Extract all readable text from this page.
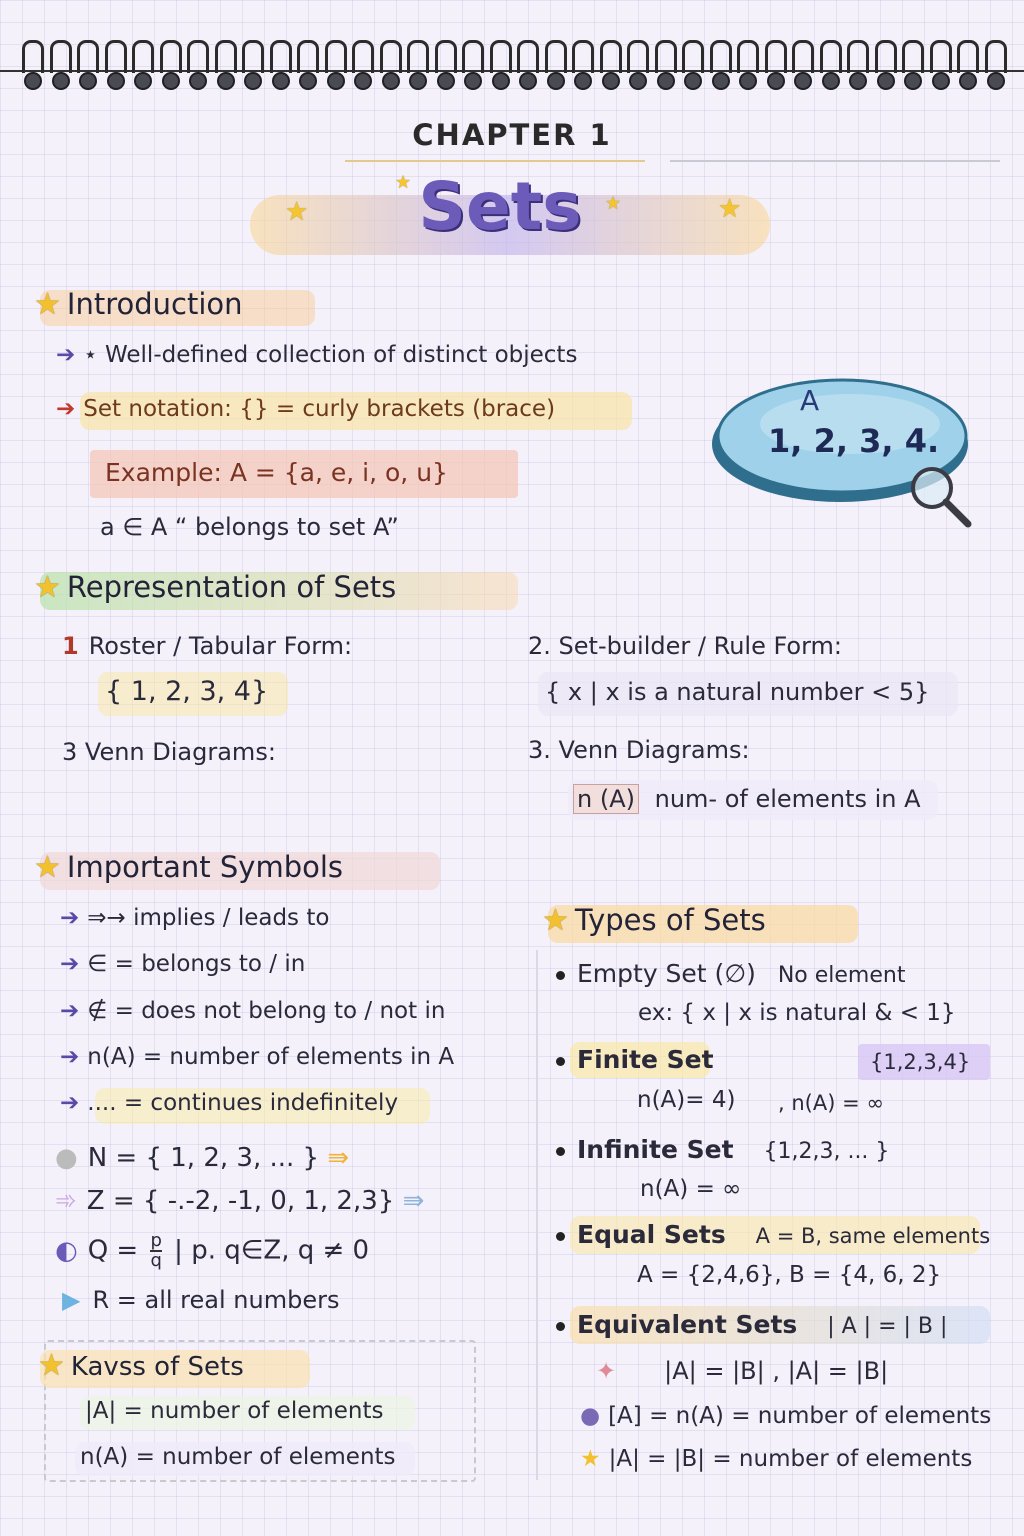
CHAPTER 1
Sets
★
★
★	★
★ Introduction
➔ ⋆ Well-defined collection of distinct objects
➔ Set notation: {} = curly brackets (brace)
Example: A = {a, e, i, o, u}
a ∈ A “ belongs to set A”
A
1, 2, 3, 4.
★ Representation of Sets
1 Roster / Tabular Form:
{ 1, 2, 3, 4}
3 Venn Diagrams:
2. Set-builder / Rule Form:
{ x | x is a natural number < 5}
3. Venn Diagrams:
n (A) num- of elements in A
★ Important Symbols
➔ ⇒→ implies / leads to
➔ ∈ = belongs to / in
➔ ∉ = does not belong to / not in
➔ n(A) = number of elements in A
➔ .... = continues indefinitely
● N = { 1, 2, 3, ... } ⇛
➾ Z = { -.-2, -1, 0, 1, 2,3} ⇛
◐ $Q = \frac{p}{q}$ | p. q∈Z, q ≠ 0
▶ R = all real numbers
★ Kavss of Sets
|A| = number of elements
n(A) = number of elements
★ Types of Sets
Empty Set (∅) No element
ex: { x | x is natural & < 1}
Finite Set	{1,2,3,4}
n(A)= 4) , n(A) = ∞
Infinite Set {1,2,3, ... }
n(A) = ∞
Equal Sets A = B, same elements
A = {2,4,6}, B = {4, 6, 2}
Equivalent Sets | A | = | B |
✦ |A| = |B| , |A| = |B|
● [A] = n(A) = number of elements
★ |A| = |B| = number of elements
